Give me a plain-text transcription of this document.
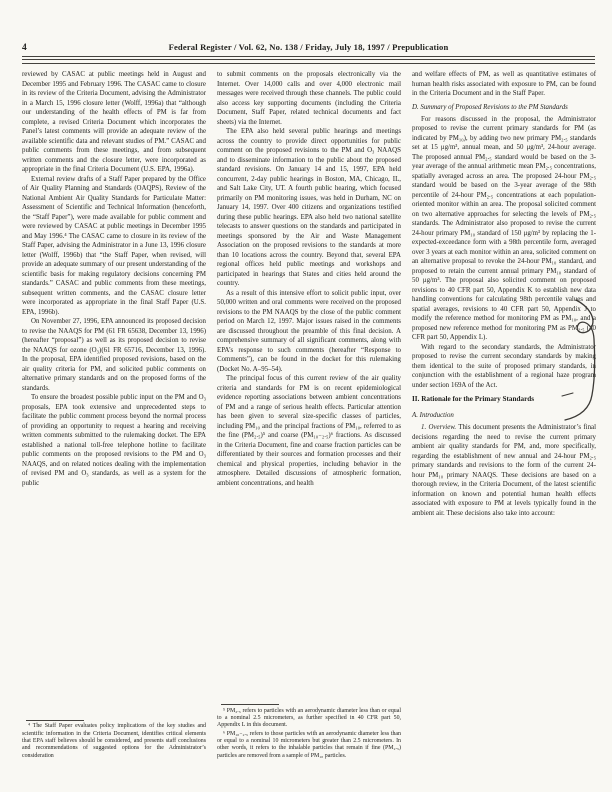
4	Federal Register / Vol. 62, No. 138 / Friday, July 18, 1997 / Prepublication

reviewed by CASAC at public meetings held in August and December 1995 and February 1996. The CASAC came to closure in its review of the Criteria Document, advising the Administrator in a March 15, 1996 closure letter (Wolff, 1996a) that “although our understanding of the health effects of PM is far from complete, a revised Criteria Document which incorporates the Panel’s latest comments will provide an adequate review of the available scientific data and relevant studies of PM.” CASAC and public comments from these meetings, and from subsequent written comments and the closure letter, were incorporated as appropriate in the final Criteria Document (U.S. EPA, 1996a).

External review drafts of a Staff Paper prepared by the Office of Air Quality Planning and Standards (OAQPS), Review of the National Ambient Air Quality Standards for Particulate Matter: Assessment of Scientific and Technical Information (henceforth, the “Staff Paper”), were made available for public comment and were reviewed by CASAC at public meetings in December 1995 and May 1996.⁴ The CASAC came to closure in its review of the Staff Paper, advising the Administrator in a June 13, 1996 closure letter (Wolff, 1996b) that “the Staff Paper, when revised, will provide an adequate summary of our present understanding of the scientific basis for making regulatory decisions concerning PM standards.” CASAC and public comments from these meetings, subsequent written comments, and the CASAC closure letter were incorporated as appropriate in the final Staff Paper (U.S. EPA, 1996b).

On November 27, 1996, EPA announced its proposed decision to revise the NAAQS for PM (61 FR 65638, December 13, 1996) (hereafter “proposal”) as well as its proposed decision to revise the NAAQS for ozone (O₃)(61 FR 65716, December 13, 1996). In the proposal, EPA identified proposed revisions, based on the air quality criteria for PM, and solicited public comments on alternative primary standards and on the proposed forms of the standards.

To ensure the broadest possible public input on the PM and O₃ proposals, EPA took extensive and unprecedented steps to facilitate the public comment process beyond the normal process of providing an opportunity to request a hearing and receiving written comments submitted to the rulemaking docket. The EPA established a national toll-free telephone hotline to facilitate public comments on the proposed revisions to the PM and O₃ NAAQS, and on related notices dealing with the implementation of revised PM and O₃ standards, as well as a system for the public

⁴ The Staff Paper evaluates policy implications of the key studies and scientific information in the Criteria Document, identifies critical elements that EPA staff believes should be considered, and presents staff conclusions and recommendations of suggested options for the Administrator’s consideration

to submit comments on the proposals electronically via the Internet. Over 14,000 calls and over 4,000 electronic mail messages were received through these channels. The public could also access key supporting documents (including the Criteria Document, Staff Paper, related technical documents and fact sheets) via the Internet.

The EPA also held several public hearings and meetings across the country to provide direct opportunities for public comment on the proposed revisions to the PM and O₃ NAAQS and to disseminate information to the public about the proposed standard revisions. On January 14 and 15, 1997, EPA held concurrent, 2-day public hearings in Boston, MA, Chicago, IL, and Salt Lake City, UT. A fourth public hearing, which focused primarily on PM monitoring issues, was held in Durham, NC on January 14, 1997. Over 400 citizens and organizations testified during these public hearings. EPA also held two national satellite telecasts to answer questions on the standards and participated in meetings sponsored by the Air and Waste Management Association on the proposed revisions to the standards at more than 10 locations across the country. Beyond that, several EPA regional offices held public meetings and workshops and participated in hearings that States and cities held around the country.

As a result of this intensive effort to solicit public input, over 50,000 written and oral comments were received on the proposed revisions to the PM NAAQS by the close of the public comment period on March 12, 1997. Major issues raised in the comments are discussed throughout the preamble of this final decision. A comprehensive summary of all significant comments, along with EPA’s response to such comments (hereafter “Response to Comments”), can be found in the docket for this rulemaking (Docket No. A–95–54).

The principal focus of this current review of the air quality criteria and standards for PM is on recent epidemiological evidence reporting associations between ambient concentrations of PM and a range of serious health effects. Particular attention has been given to several size-specific classes of particles, including PM₁₀ and the principal fractions of PM₁₀, referred to as the fine (PM₂.₅)⁵ and coarse (PM₁₀₋₂.₅)⁶ fractions. As discussed in the Criteria Document, fine and coarse fraction particles can be differentiated by their sources and formation processes and their chemical and physical properties, including behavior in the atmosphere. Detailed discussions of atmospheric formation, ambient concentrations, and health

⁵ PM₂.₅ refers to particles with an aerodynamic diameter less than or equal to a nominal 2.5 micrometers, as further specified in 40 CFR part 50, Appendix L in this document.

⁶ PM₁₀₋₂.₅ refers to those particles with an aerodynamic diameter less than or equal to a nominal 10 micrometers but greater than 2.5 micrometers. In other words, it refers to the inhalable particles that remain if fine (PM₂.₅) particles are removed from a sample of PM₁₀ particles.

and welfare effects of PM, as well as quantitative estimates of human health risks associated with exposure to PM, can be found in the Criteria Document and in the Staff Paper.

D. Summary of Proposed Revisions to the PM Standards

For reasons discussed in the proposal, the Administrator proposed to revise the current primary standards for PM (as indicated by PM₁₀), by adding two new primary PM₂.₅ standards set at 15 μg/m³, annual mean, and 50 μg/m³, 24-hour average. The proposed annual PM₂.₅ standard would be based on the 3-year average of the annual arithmetic mean PM₂.₅ concentrations, spatially averaged across an area. The proposed 24-hour PM₂.₅ standard would be based on the 3-year average of the 98th percentile of 24-hour PM₂.₅ concentrations at each population-oriented monitor within an area. The proposal solicited comment on two alternative approaches for selecting the levels of PM₂.₅ standards. The Administrator also proposed to revise the current 24-hour primary PM₁₀ standard of 150 μg/m³ by replacing the 1-expected-exceedance form with a 98th percentile form, averaged over 3 years at each monitor within an area, solicited comment on an alternative proposal to revoke the 24-hour PM₁₀ standard, and proposed to retain the current annual primary PM₁₀ standard of 50 μg/m³. The proposal also solicited comment on proposed revisions to 40 CFR part 50, Appendix K to establish new data handling conventions for calculating 98th percentile values and spatial averages, revisions to 40 CFR part 50, Appendix J to modify the reference method for monitoring PM as PM₁₀, and a proposed new reference method for monitoring PM as PM₂.₅ (40 CFR part 50, Appendix L).

With regard to the secondary standards, the Administrator proposed to revise the current secondary standards by making them identical to the suite of proposed primary standards, in conjunction with the establishment of a regional haze program under section 169A of the Act.

II. Rationale for the Primary Standards

A. Introduction

1. Overview. This document presents the Administrator’s final decisions regarding the need to revise the current primary ambient air quality standards for PM, and, more specifically, regarding the establishment of new annual and 24-hour PM₂.₅ primary standards and revisions to the form of the current 24-hour PM₁₀ primary NAAQS. These decisions are based on a thorough review, in the Criteria Document, of the latest scientific information on known and potential human health effects associated with exposure to PM at levels typically found in the ambient air. These decisions also take into account:
